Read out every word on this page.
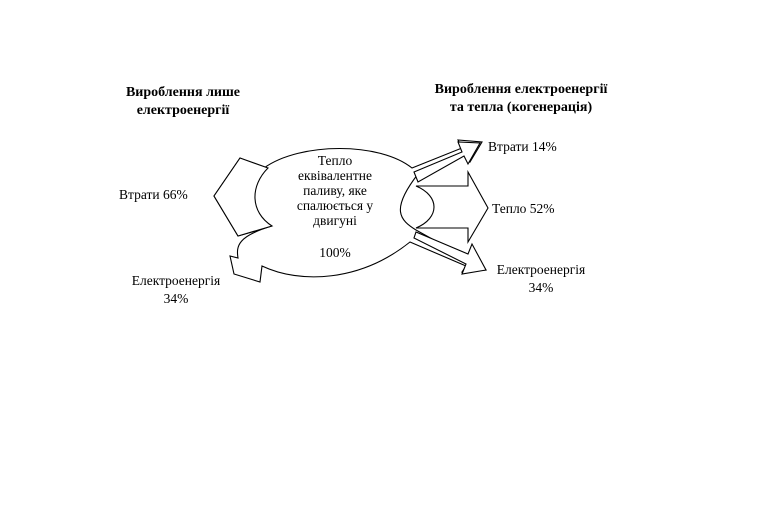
Вироблення лише
електроенергії
Втрати 66%
Електроенергія
34%
Тепло
еквівалентне
паливу, яке
спалюється у
двигуні
100%
Вироблення електроенергії
та тепла (когенерація)
Втрати 14%
Тепло 52%
Електроенергія
34%
